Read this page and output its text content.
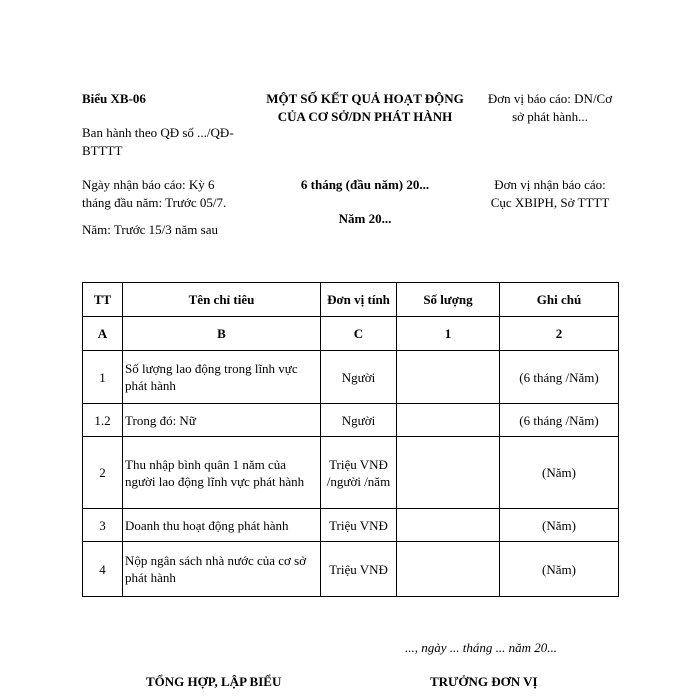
Biểu XB-06
Ban hành theo QĐ số .../QĐ-
BTTTT
MỘT SỐ KẾT QUẢ HOẠT ĐỘNG
CỦA CƠ SỞ/DN PHÁT HÀNH
Đơn vị báo cáo: DN/Cơ
sở phát hành...
Ngày nhận báo cáo: Kỳ 6
tháng đầu năm: Trước 05/7.
Năm: Trước 15/3 năm sau
6 tháng (đầu năm) 20...
Năm 20...
Đơn vị nhận báo cáo:
Cục XBIPH, Sở TTTT
TT	Tên chỉ tiêu	Đơn vị tính	Số lượng	Ghi chú
A	B	C	1	2
1	Số lượng lao động trong lĩnh vực phát hành	Người		(6 tháng /Năm)
1.2	Trong đó: Nữ	Người		(6 tháng /Năm)
2	Thu nhập bình quân 1 năm của người lao động lĩnh vực phát hành	Triệu VNĐ /người /năm		(Năm)
3	Doanh thu hoạt động phát hành	Triệu VNĐ		(Năm)
4	Nộp ngân sách nhà nước của cơ sở phát hành	Triệu VNĐ		(Năm)
..., ngày ... tháng ... năm 20...
TỔNG HỢP, LẬP BIỂU	TRƯỞNG ĐƠN VỊ
